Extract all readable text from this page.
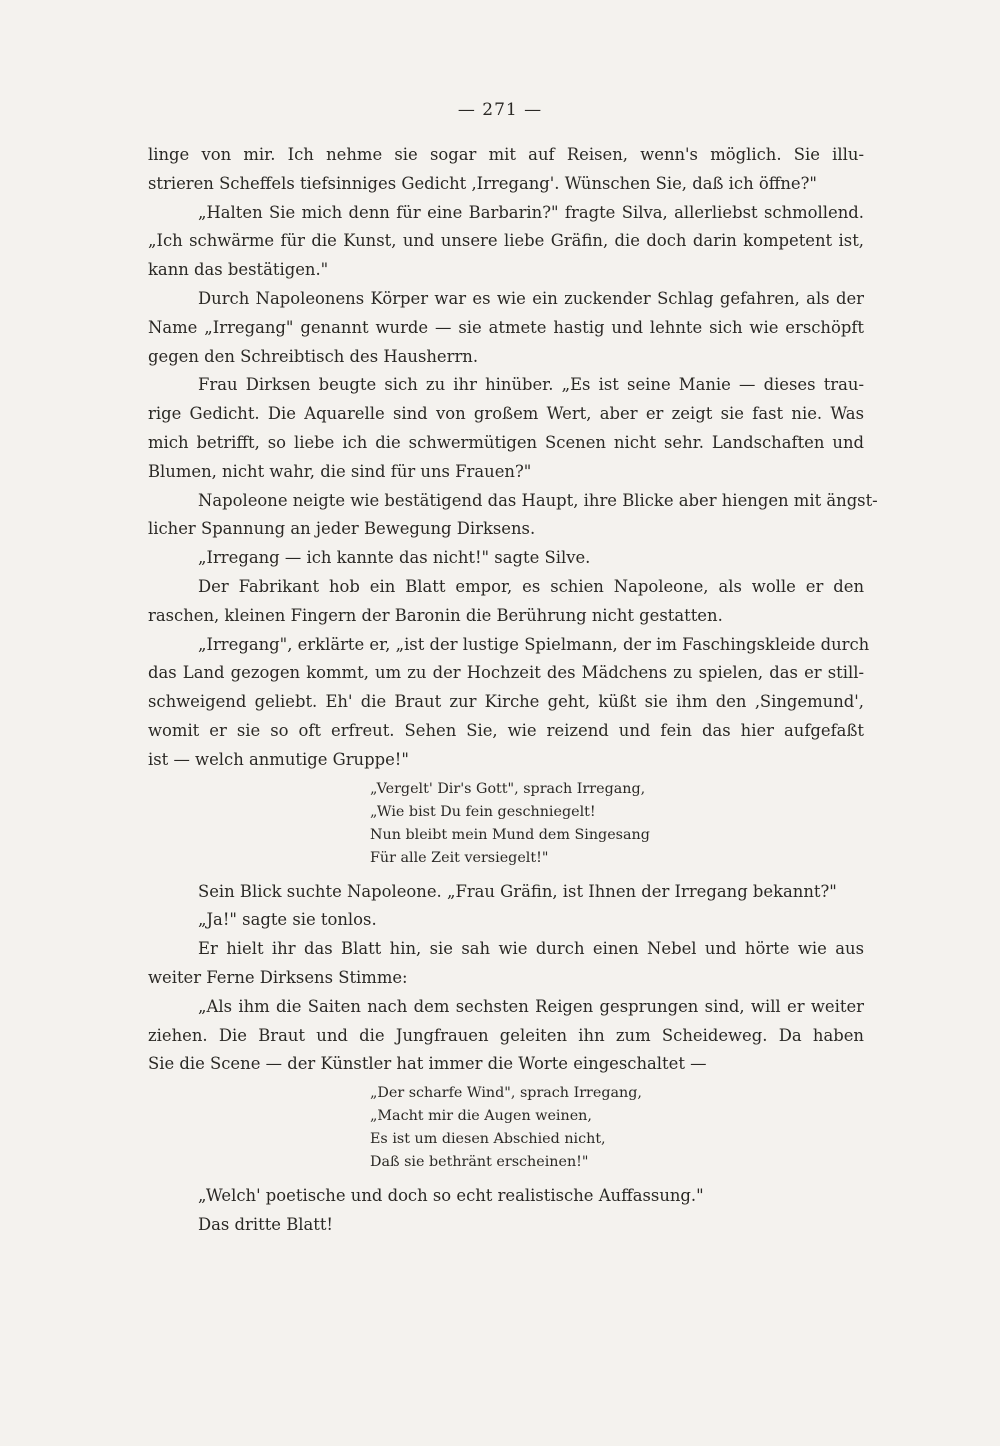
— 271 —
linge von mir. Ich nehme sie sogar mit auf Reisen, wenn's möglich. Sie illu-
strieren Scheffels tiefsinniges Gedicht ‚Irregang'. Wünschen Sie, daß ich öffne?"
„Halten Sie mich denn für eine Barbarin?" fragte Silva, allerliebst schmollend.
„Ich schwärme für die Kunst, und unsere liebe Gräfin, die doch darin kompetent ist,
kann das bestätigen."
Durch Napoleonens Körper war es wie ein zuckender Schlag gefahren, als der
Name „Irregang" genannt wurde — sie atmete hastig und lehnte sich wie erschöpft
gegen den Schreibtisch des Hausherrn.
Frau Dirksen beugte sich zu ihr hinüber. „Es ist seine Manie — dieses trau-
rige Gedicht. Die Aquarelle sind von großem Wert, aber er zeigt sie fast nie. Was
mich betrifft, so liebe ich die schwermütigen Scenen nicht sehr. Landschaften und
Blumen, nicht wahr, die sind für uns Frauen?"
Napoleone neigte wie bestätigend das Haupt, ihre Blicke aber hiengen mit ängst-
licher Spannung an jeder Bewegung Dirksens.
„Irregang — ich kannte das nicht!" sagte Silve.
Der Fabrikant hob ein Blatt empor, es schien Napoleone, als wolle er den
raschen, kleinen Fingern der Baronin die Berührung nicht gestatten.
„Irregang", erklärte er, „ist der lustige Spielmann, der im Faschingskleide durch
das Land gezogen kommt, um zu der Hochzeit des Mädchens zu spielen, das er still-
schweigend geliebt. Eh' die Braut zur Kirche geht, küßt sie ihm den ‚Singemund',
womit er sie so oft erfreut. Sehen Sie, wie reizend und fein das hier aufgefaßt
ist — welch anmutige Gruppe!"
„Vergelt' Dir's Gott", sprach Irregang,
„Wie bist Du fein geschniegelt!
Nun bleibt mein Mund dem Singesang
Für alle Zeit versiegelt!"
Sein Blick suchte Napoleone. „Frau Gräfin, ist Ihnen der Irregang bekannt?"
„Ja!" sagte sie tonlos.
Er hielt ihr das Blatt hin, sie sah wie durch einen Nebel und hörte wie aus
weiter Ferne Dirksens Stimme:
„Als ihm die Saiten nach dem sechsten Reigen gesprungen sind, will er weiter
ziehen. Die Braut und die Jungfrauen geleiten ihn zum Scheideweg. Da haben
Sie die Scene — der Künstler hat immer die Worte eingeschaltet —
„Der scharfe Wind", sprach Irregang,
„Macht mir die Augen weinen,
Es ist um diesen Abschied nicht,
Daß sie bethränt erscheinen!"
„Welch' poetische und doch so echt realistische Auffassung."
Das dritte Blatt!
